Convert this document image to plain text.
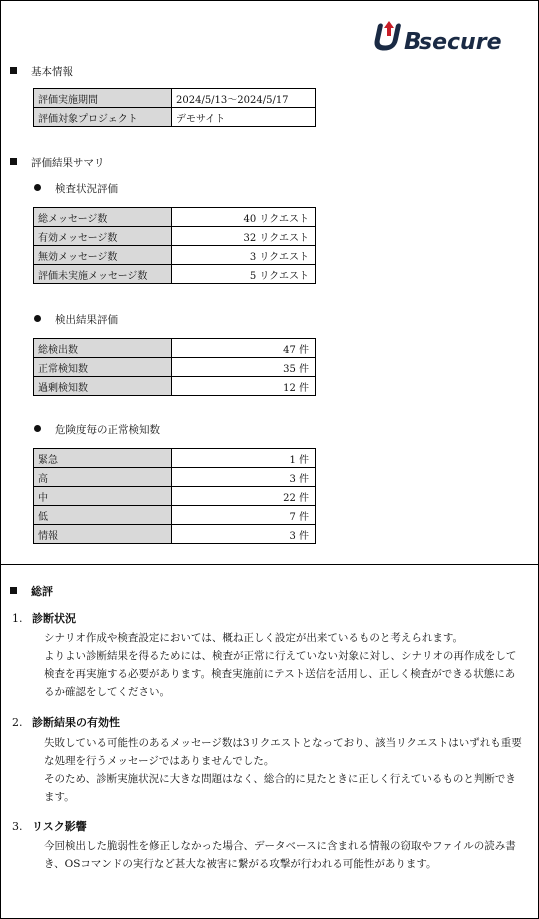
B
secure
基本情報
評価実施期間	2024/5/13～2024/5/17
評価対象プロジェクト	デモサイト
評価結果サマリ
検査状況評価
総メッセージ数	40 リクエスト
有効メッセージ数	32 リクエスト
無効メッセージ数	3 リクエスト
評価未実施メッセージ数	5 リクエスト
検出結果評価
総検出数	47 件
正常検知数	35 件
過剰検知数	12 件
危険度毎の正常検知数
緊急	1 件
高	3 件
中	22 件
低	7 件
情報	3 件
総評
1. 診断状況

シナリオ作成や検査設定においては、概ね正しく設定が出来ているものと考えられます。

よりよい診断結果を得るためには、検査が正常に行えていない対象に対し、シナリオの再作成をして検査を再実施する必要があります。検査実施前にテスト送信を活用し、正しく検査ができる状態にあるか確認をしてください。

2. 診断結果の有効性

失敗している可能性のあるメッセージ数は3リクエストとなっており、該当リクエストはいずれも重要な処理を行うメッセージではありませんでした。

そのため、診断実施状況に大きな問題はなく、総合的に見たときに正しく行えているものと判断できます。

3. リスク影響

今回検出した脆弱性を修正しなかった場合、データベースに含まれる情報の窃取やファイルの読み書き、OSコマンドの実行など甚大な被害に繋がる攻撃が行われる可能性があります。
